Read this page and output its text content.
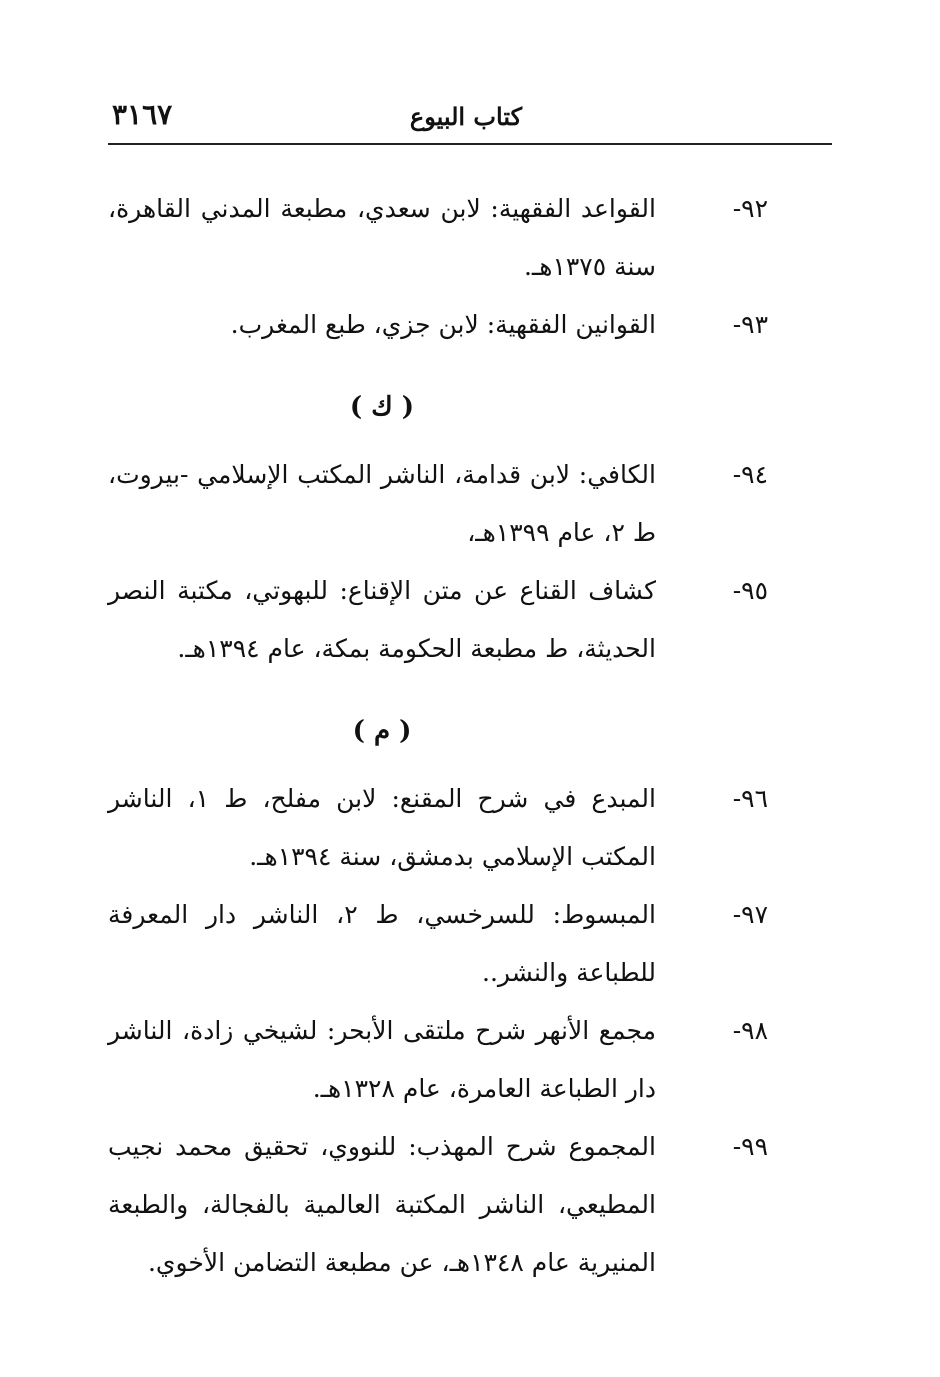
كتاب البيوع
٣١٦٧
٩٢-
القواعد الفقهية: لابن سعدي، مطبعة المدني القاهرة، سنة ١٣٧٥هـ.
٩٣-
القوانين الفقهية: لابن جزي، طبع المغرب.
( ك )
٩٤-
الكافي: لابن قدامة، الناشر المكتب الإسلامي -بيروت، ط ٢، عام ١٣٩٩هـ،
٩٥-
كشاف القناع عن متن الإقناع: للبهوتي، مكتبة النصر الحديثة، ط مطبعة الحكومة بمكة، عام ١٣٩٤هـ.
( م )
٩٦-
المبدع في شرح المقنع: لابن مفلح، ط ١، الناشر المكتب الإسلامي بدمشق، سنة ١٣٩٤هـ.
٩٧-
المبسوط: للسرخسي، ط ٢، الناشر دار المعرفة للطباعة والنشر..
٩٨-
مجمع الأنهر شرح ملتقى الأبحر: لشيخي زادة، الناشر دار الطباعة العامرة، عام ١٣٢٨هـ.
٩٩-
المجموع شرح المهذب: للنووي، تحقيق محمد نجيب المطيعي، الناشر المكتبة العالمية بالفجالة، والطبعة المنيرية عام ١٣٤٨هـ، عن مطبعة التضامن الأخوي.
